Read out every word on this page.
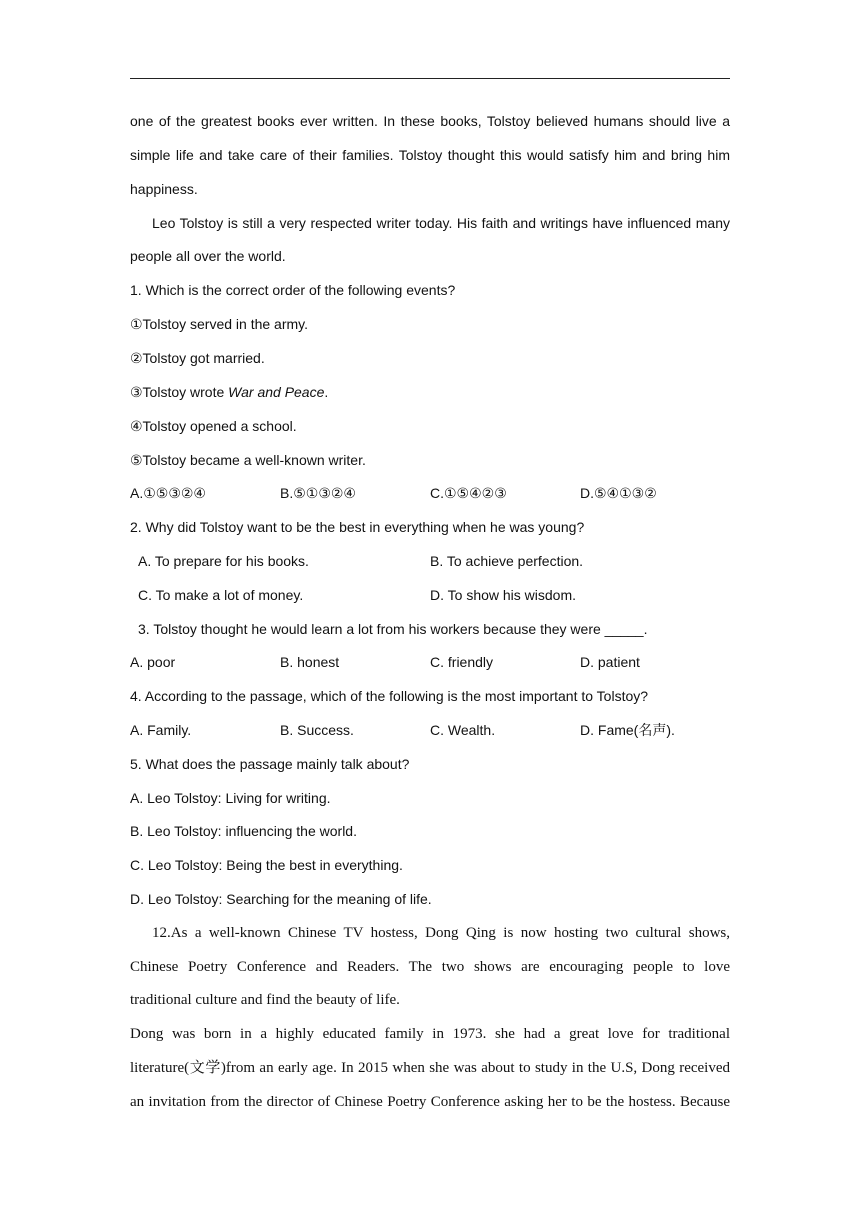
one of the greatest books ever written. In these books, Tolstoy believed humans should live a
simple life and take care of their families. Tolstoy thought this would satisfy him and bring him
happiness.
Leo Tolstoy is still a very respected writer today. His faith and writings have influenced many
people all over the world.
1. Which is the correct order of the following events?
①Tolstoy served in the army.
②Tolstoy got married.
③Tolstoy wrote War and Peace.
④Tolstoy opened a school.
⑤Tolstoy became a well-known writer.
A.①⑤③②④	B.⑤①③②④	C.①⑤④②③	D.⑤④①③②
2. Why did Tolstoy want to be the best in everything when he was young?
A. To prepare for his books.	B. To achieve perfection.
C. To make a lot of money.	D. To show his wisdom.
3. Tolstoy thought he would learn a lot from his workers because they were _____.
A. poor	B. honest	C. friendly	D. patient
4. According to the passage, which of the following is the most important to Tolstoy?
A. Family.	B. Success.	C. Wealth.	D. Fame(名声).
5. What does the passage mainly talk about?
A. Leo Tolstoy: Living for writing.
B. Leo Tolstoy: influencing the world.
C. Leo Tolstoy: Being the best in everything.
D. Leo Tolstoy: Searching for the meaning of life.
12.As a well-known Chinese TV hostess, Dong Qing is now hosting two cultural shows,
Chinese Poetry Conference and Readers. The two shows are encouraging people to love
traditional culture and find the beauty of life.
Dong was born in a highly educated family in 1973. she had a great love for traditional
literature(文学)from an early age. In 2015 when she was about to study in the U.S, Dong received
an invitation from the director of Chinese Poetry Conference asking her to be the hostess. Because
